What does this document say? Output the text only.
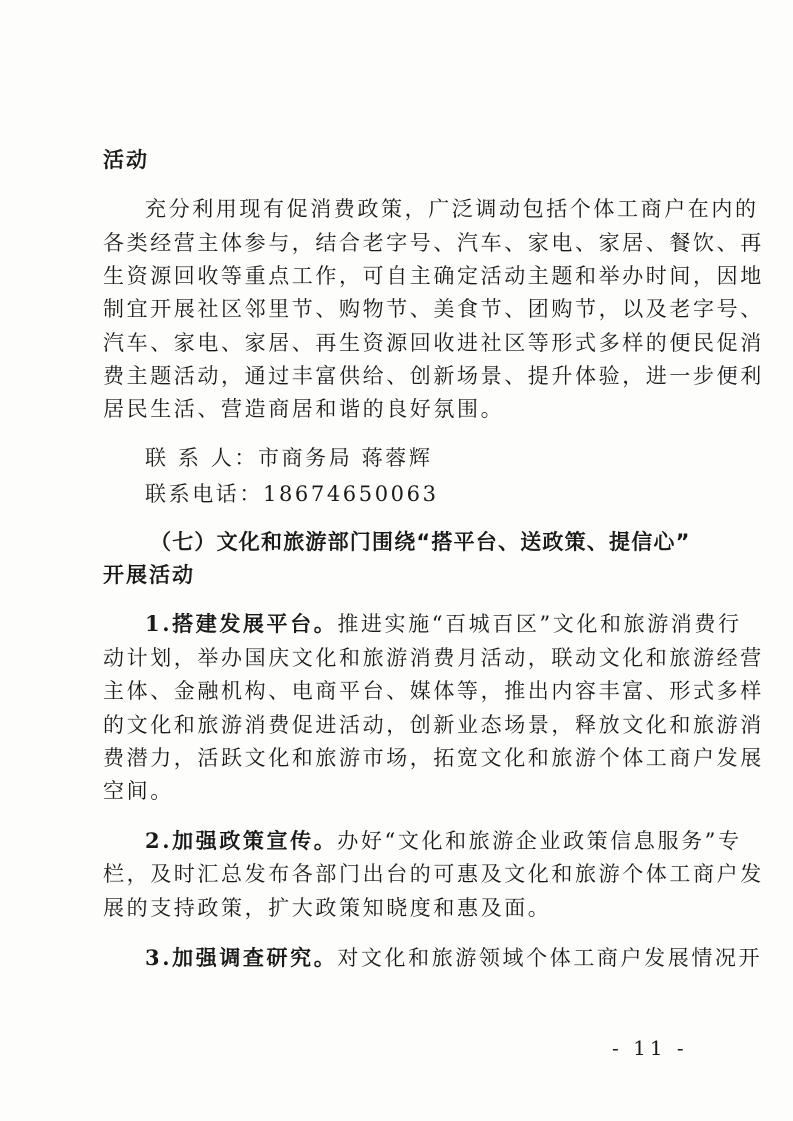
活动
充分利用现有促消费政策，广泛调动包括个体工商户在内的
各类经营主体参与，结合老字号、汽车、家电、家居、餐饮、再
生资源回收等重点工作，可自主确定活动主题和举办时间，因地
制宜开展社区邻里节、购物节、美食节、团购节，以及老字号、
汽车、家电、家居、再生资源回收进社区等形式多样的便民促消
费主题活动，通过丰富供给、创新场景、提升体验，进一步便利
居民生活、营造商居和谐的良好氛围。
联 系 人：市商务局 蒋蓉辉
联系电话：18674650063
（七）文化和旅游部门围绕“搭平台、送政策、提信心”
开展活动
1.搭建发展平台。推进实施“百城百区”文化和旅游消费行
动计划，举办国庆文化和旅游消费月活动，联动文化和旅游经营
主体、金融机构、电商平台、媒体等，推出内容丰富、形式多样
的文化和旅游消费促进活动，创新业态场景，释放文化和旅游消
费潜力，活跃文化和旅游市场，拓宽文化和旅游个体工商户发展
空间。
2.加强政策宣传。办好“文化和旅游企业政策信息服务”专
栏，及时汇总发布各部门出台的可惠及文化和旅游个体工商户发
展的支持政策，扩大政策知晓度和惠及面。
3.加强调查研究。对文化和旅游领域个体工商户发展情况开
- 11 -
